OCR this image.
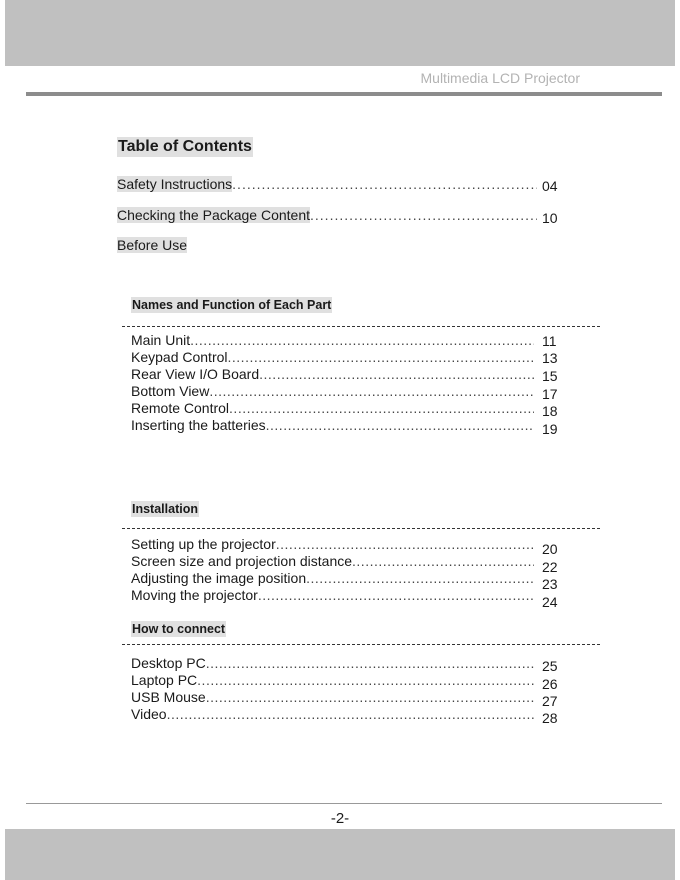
Multimedia LCD Projector
Table of Contents
Safety Instructions .....	04
Checking the Package Content .....	10
Before Use
Names and Function of Each Part
Main Unit .....	11
Keypad Control .....	13
Rear View I/O Board .....	15
Bottom View .....	17
Remote Control .....	18
Inserting the batteries .....	19
Installation
Setting up the projector .....	20
Screen size and projection distance .....	22
Adjusting the image position .....	23
Moving the projector .....	24
How to connect
Desktop PC .....	25
Laptop PC .....	26
USB Mouse .....	27
Video .....	28
-2-
